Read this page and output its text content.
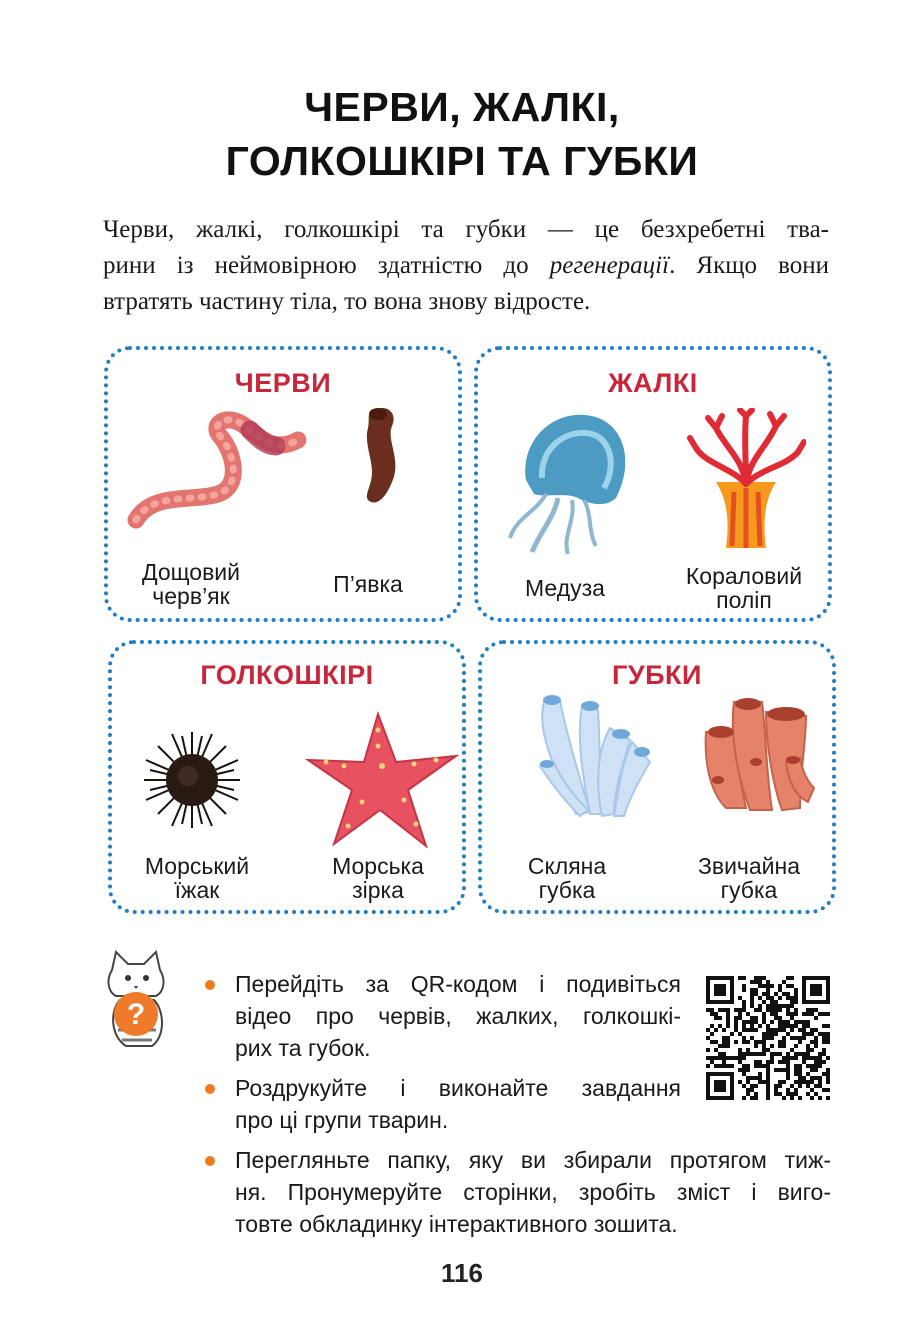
ЧЕРВИ, ЖАЛКІ,
ГОЛКОШКІРІ ТА ГУБКИ
Черви, жалкі, голкошкірі та губки — це безхребетні тва-
рини із неймовірною здатністю до регенерації. Якщо вони
втратять частину тіла, то вона знову відросте.
ЧЕРВИ
Дощовий
черв’як	П’явка
ЖАЛКІ
Медуза	Кораловий
поліп
ГОЛКОШКІРІ
Морський
їжак
Морська
зірка
ГУБКИ
Скляна
губка
Звичайна
губка
?
Перейдіть за QR-кодом і подивіться
відео про червів, жалких, голкошкі-
рих та губок.
Роздрукуйте і виконайте завдання
про ці групи тварин.
Перегляньте папку, яку ви збирали протягом тиж-
ня. Пронумеруйте сторінки, зробіть зміст і виго-
товте обкладинку інтерактивного зошита.
116
